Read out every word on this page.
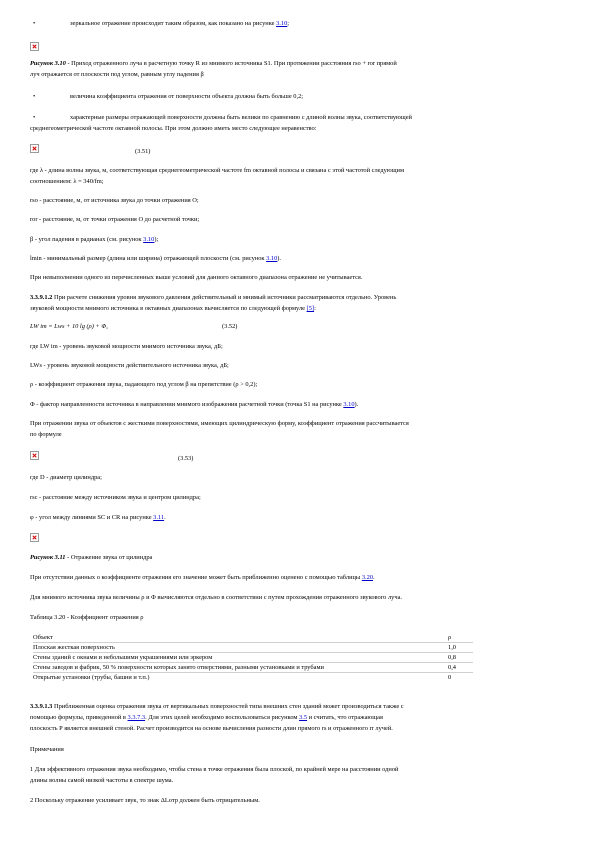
•	зеркальное отражение происходит таким образом, как показано на рисунке 3.10;
Рисунок 3.10 - Приход отраженного луча в расчетную точку R из мнимого источника S1. При протяжении расстояния rso + ror прямой
луч отражается от плоскости под углом, равным углу падения β
•	величина коэффициента отражения от поверхности объекта должна быть больше 0,2;
•	характерные размеры отражающей поверхности должны быть велики по сравнению с длиной волны звука, соответствующей
среднегеометрической частоте октавной полосы. При этом должно иметь место следующее неравенство:
(3.51)
где λ - длина волны звука, м, соответствующая среднегеометрической частоте fm октавной полосы и связана с этой частотой следующим
соотношением: λ = 340/fm;
rso - расстояние, м, от источника звука до точки отражения О;
ror - расстояние, м, от точки отражения О до расчетной точки;
β - угол падения в радианах (см. рисунок 3.10);
lmin - минимальный размер (длина или ширина) отражающей плоскости (см. рисунок 3.10).
При невыполнении одного из перечисленных выше условий для данного октавного диапазона отражение не учитывается.
3.3.9.1.2 При расчете снижения уровня звукового давления действительный и мнимый источники рассматриваются отдельно. Уровень
звуковой мощности мнимого источника в октавных диапазонах вычисляется по следующей формуле [5]:
LW im = Lws + 10 lg (ρ) + Φ,	(3.52)
где LW im - уровень звуковой мощности мнимого источника звука, дБ;
LWs - уровень звуковой мощности действительного источника звука, дБ;
ρ - коэффициент отражения звука, падающего под углом β на препятствие (ρ > 0,2);
Φ - фактор направленности источника в направлении мнимого изображения расчетной точки (точка S1 на рисунке 3.10).
При отражении звука от объектов с жесткими поверхностями, имеющих цилиндрическую форму, коэффициент отражения рассчитывается
по формуле
(3.53)
где D - диаметр цилиндра;
rsc - расстояние между источником звука и центром цилиндра;
φ - угол между линиями SC и CR на рисунке 3.11.
Рисунок 3.11 - Отражение звука от цилиндра
При отсутствии данных о коэффициенте отражения его значение может быть приближенно оценено с помощью таблицы 3.20.
Для мнимого источника звука величины ρ и Φ вычисляются отдельно в соответствии с путем прохождения отраженного звукового луча.
Таблица 3.20 - Коэффициент отражения ρ
Объект	ρ
Плоская жесткая поверхность	1,0
Стены зданий с окнами и небольшими украшениями или эркером	0,8
Стены заводов и фабрик, 50 % поверхности которых занято отверстиями, разными установками и трубами	0,4
Открытые установки (трубы, башни и т.п.)	0
3.3.9.1.3 Приближенная оценка отражения звука от вертикальных поверхностей типа внешних стен зданий может производиться также с
помощью формулы, приведенной в 3.3.7.3. Для этих целей необходимо воспользоваться рисунком 3.5 и считать, что отражающая
плоскость Р является внешней стеной. Расчет производится на основе вычисления разности длин прямого rs и отраженного rr лучей.
Примечания
1 Для эффективного отражения звука необходимо, чтобы стена в точке отражения была плоской, по крайней мере на расстоянии одной
длины волны самой низкой частоты в спектре шума.
2 Поскольку отражение усиливает звук, то знак ΔLотр должен быть отрицательным.
